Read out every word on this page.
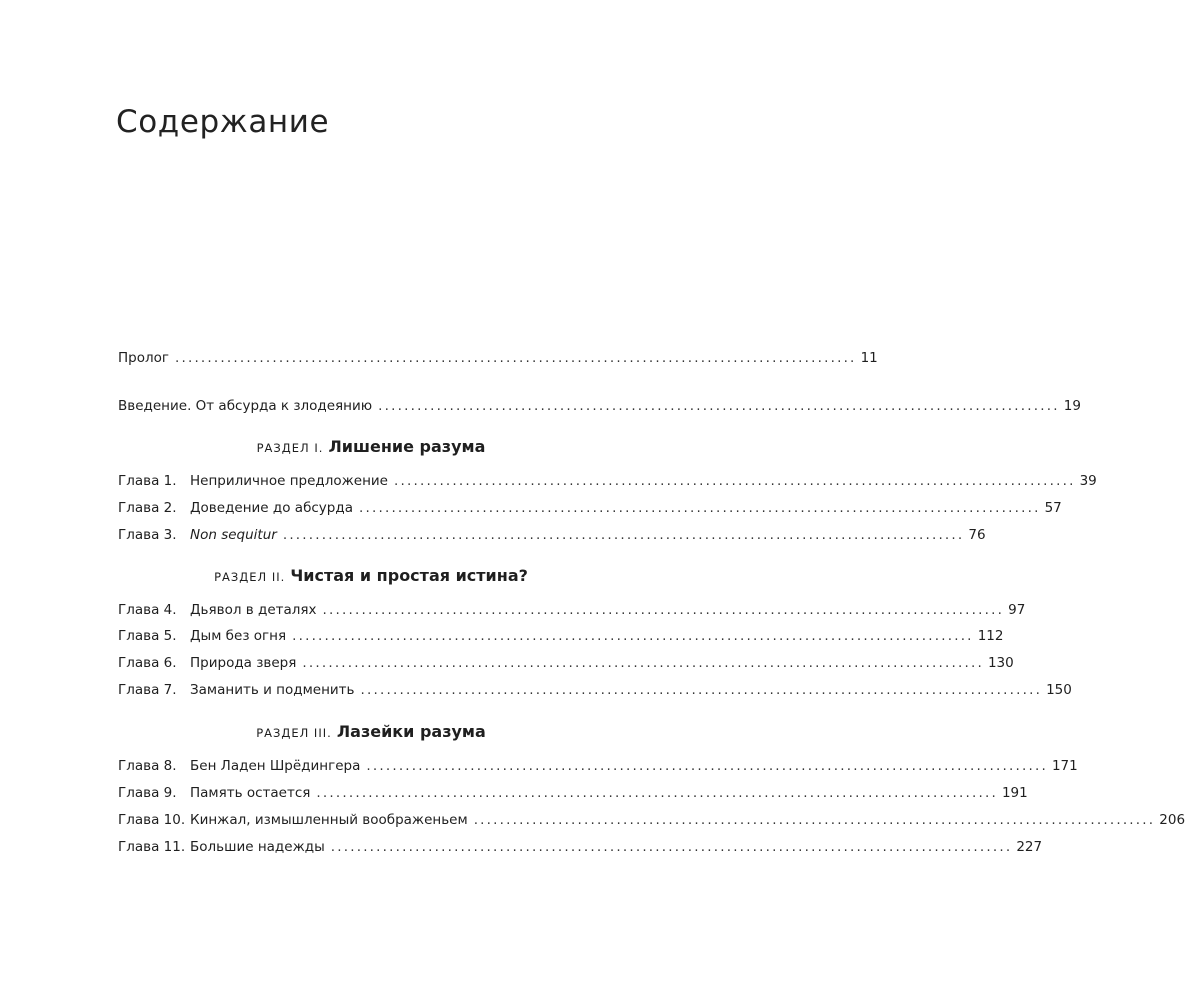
Содержание
Пролог ......................................................................................................... 11
Введение. От абсурда к злодеянию ......................................................................................................... 19
РАЗДЕЛ I. Лишение разума
Глава 1. Неприличное предложение ......................................................................................................... 39
Глава 2. Доведение до абсурда ......................................................................................................... 57
Глава 3. Non sequitur ......................................................................................................... 76
РАЗДЕЛ II. Чистая и простая истина?
Глава 4. Дьявол в деталях ......................................................................................................... 97
Глава 5. Дым без огня ......................................................................................................... 112
Глава 6. Природа зверя ......................................................................................................... 130
Глава 7. Заманить и подменить ......................................................................................................... 150
РАЗДЕЛ III. Лазейки разума
Глава 8. Бен Ладен Шрёдингера ......................................................................................................... 171
Глава 9. Память остается ......................................................................................................... 191
Глава 10. Кинжал, измышленный воображеньем ......................................................................................................... 206
Глава 11. Большие надежды ......................................................................................................... 227
